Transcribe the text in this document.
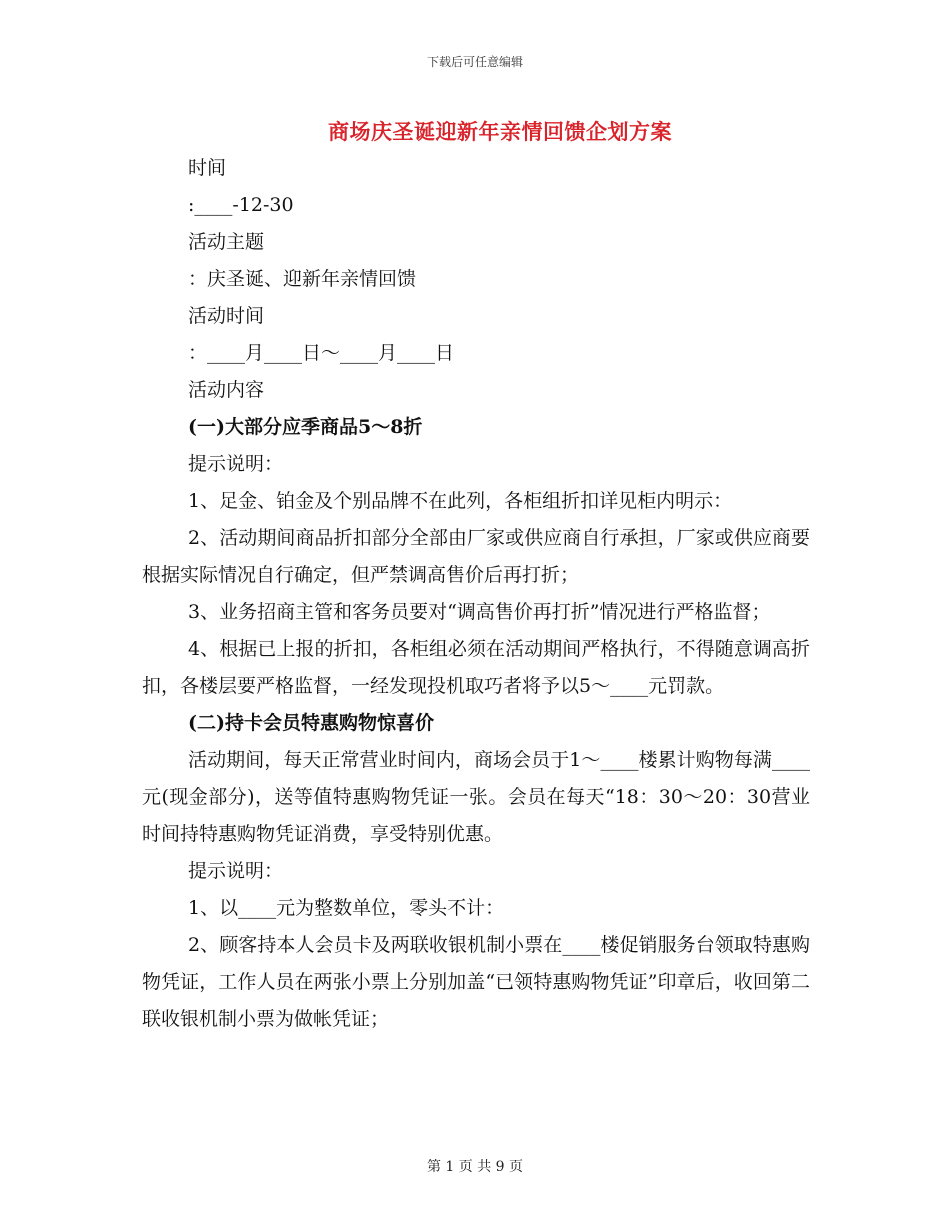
下载后可任意编辑
商场庆圣诞迎新年亲情回馈企划方案
时间
:____-12-30
活动主题
：庆圣诞、迎新年亲情回馈
活动时间
：____月____日～____月____日
活动内容
(一)大部分应季商品5～8折
提示说明：
1、足金、铂金及个别品牌不在此列，各柜组折扣详见柜内明示：
2、活动期间商品折扣部分全部由厂家或供应商自行承担，厂家或供应商要根据实际情况自行确定，但严禁调高售价后再打折；
3、业务招商主管和客务员要对“调高售价再打折”情况进行严格监督；
4、根据已上报的折扣，各柜组必须在活动期间严格执行，不得随意调高折扣，各楼层要严格监督，一经发现投机取巧者将予以5～____元罚款。
(二)持卡会员特惠购物惊喜价
活动期间，每天正常营业时间内，商场会员于1～____楼累计购物每满____元(现金部分)，送等值特惠购物凭证一张。会员在每天“18：30～20：30营业时间持特惠购物凭证消费，享受特别优惠。
提示说明：
1、以____元为整数单位，零头不计：
2、顾客持本人会员卡及两联收银机制小票在____楼促销服务台领取特惠购物凭证，工作人员在两张小票上分别加盖“已领特惠购物凭证”印章后，收回第二联收银机制小票为做帐凭证；
第 1 页 共 9 页
